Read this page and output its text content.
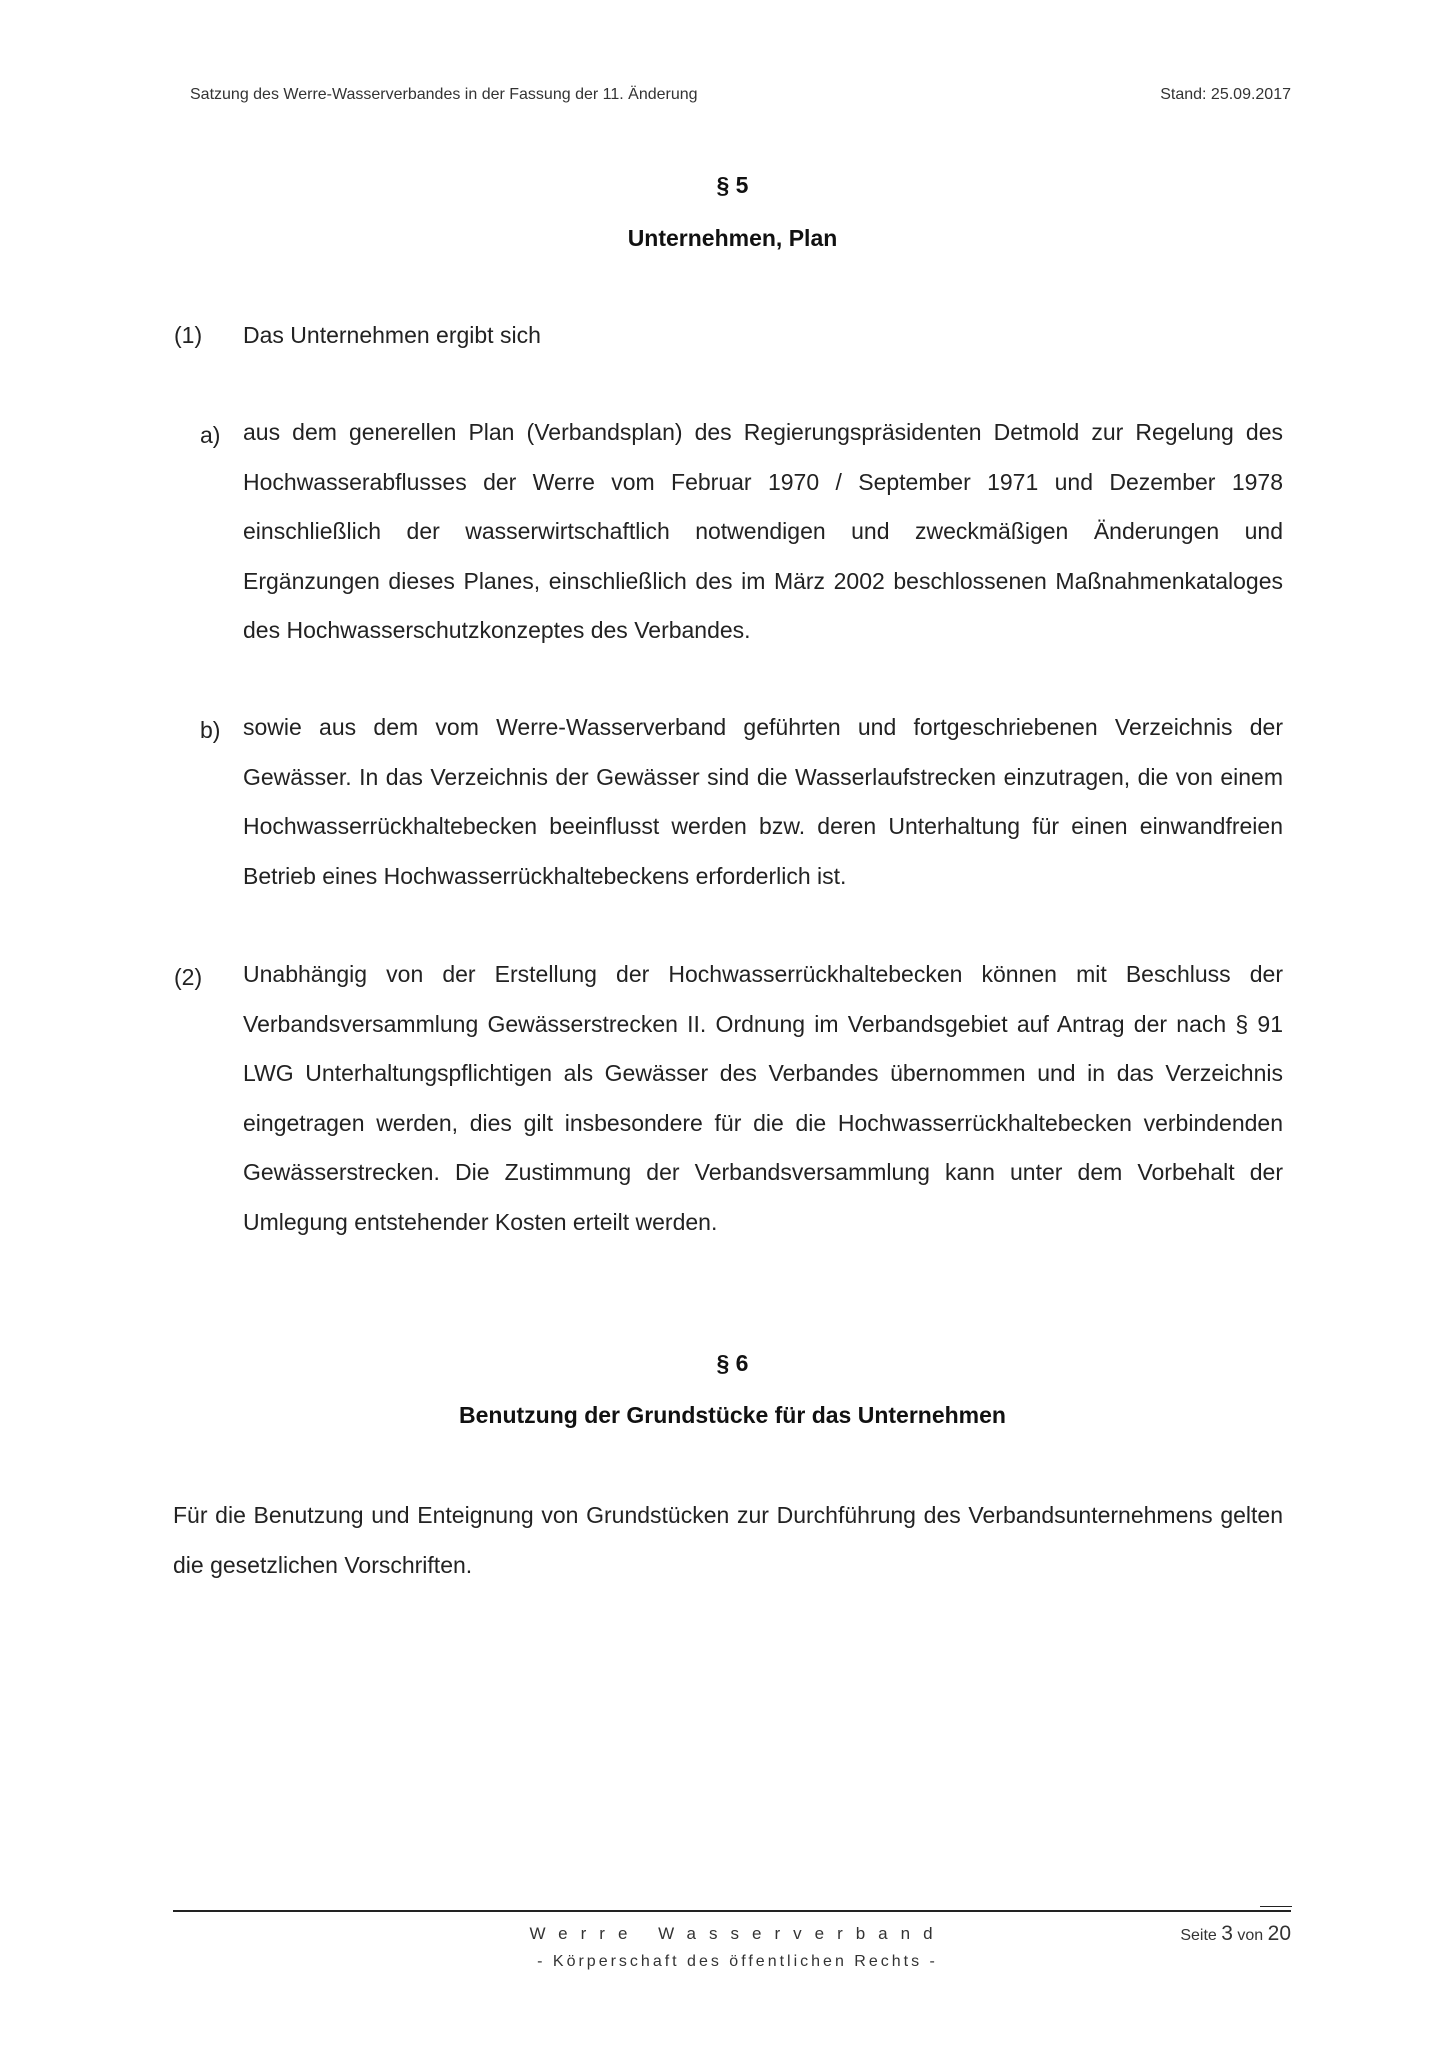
Satzung des Werre-Wasserverbandes in der Fassung der 11. Änderung	Stand: 25.09.2017
§ 5
Unternehmen, Plan
(1) Das Unternehmen ergibt sich
a) aus dem generellen Plan (Verbandsplan) des Regierungspräsidenten Detmold zur Regelung des Hochwasserabflusses der Werre vom Februar 1970 / September 1971 und Dezember 1978 einschließlich der wasserwirtschaftlich notwendigen und zweckmäßigen Änderungen und Ergänzungen dieses Planes, einschließlich des im März 2002 beschlossenen Maßnahmenkataloges des Hochwasserschutzkonzeptes des Verbandes.
b) sowie aus dem vom Werre-Wasserverband geführten und fortgeschriebenen Verzeichnis der Gewässer. In das Verzeichnis der Gewässer sind die Wasserlaufstrecken einzutragen, die von einem Hochwasserrückhaltebecken beeinflusst werden bzw. deren Unterhaltung für einen einwandfreien Betrieb eines Hochwasserrückhaltebeckens erforderlich ist.
(2) Unabhängig von der Erstellung der Hochwasserrückhaltebecken können mit Beschluss der Verbandsversammlung Gewässerstrecken II. Ordnung im Verbandsgebiet auf Antrag der nach § 91 LWG Unterhaltungspflichtigen als Gewässer des Verbandes übernommen und in das Verzeichnis eingetragen werden, dies gilt insbesondere für die die Hochwasserrückhaltebecken verbindenden Gewässerstrecken. Die Zustimmung der Verbandsversammlung kann unter dem Vorbehalt der Umlegung entstehender Kosten erteilt werden.
§ 6
Benutzung der Grundstücke für das Unternehmen
Für die Benutzung und Enteignung von Grundstücken zur Durchführung des Verbandsunternehmens gelten die gesetzlichen Vorschriften.
Werre Wasserverband
- Körperschaft des öffentlichen Rechts -
Seite 3 von 20
